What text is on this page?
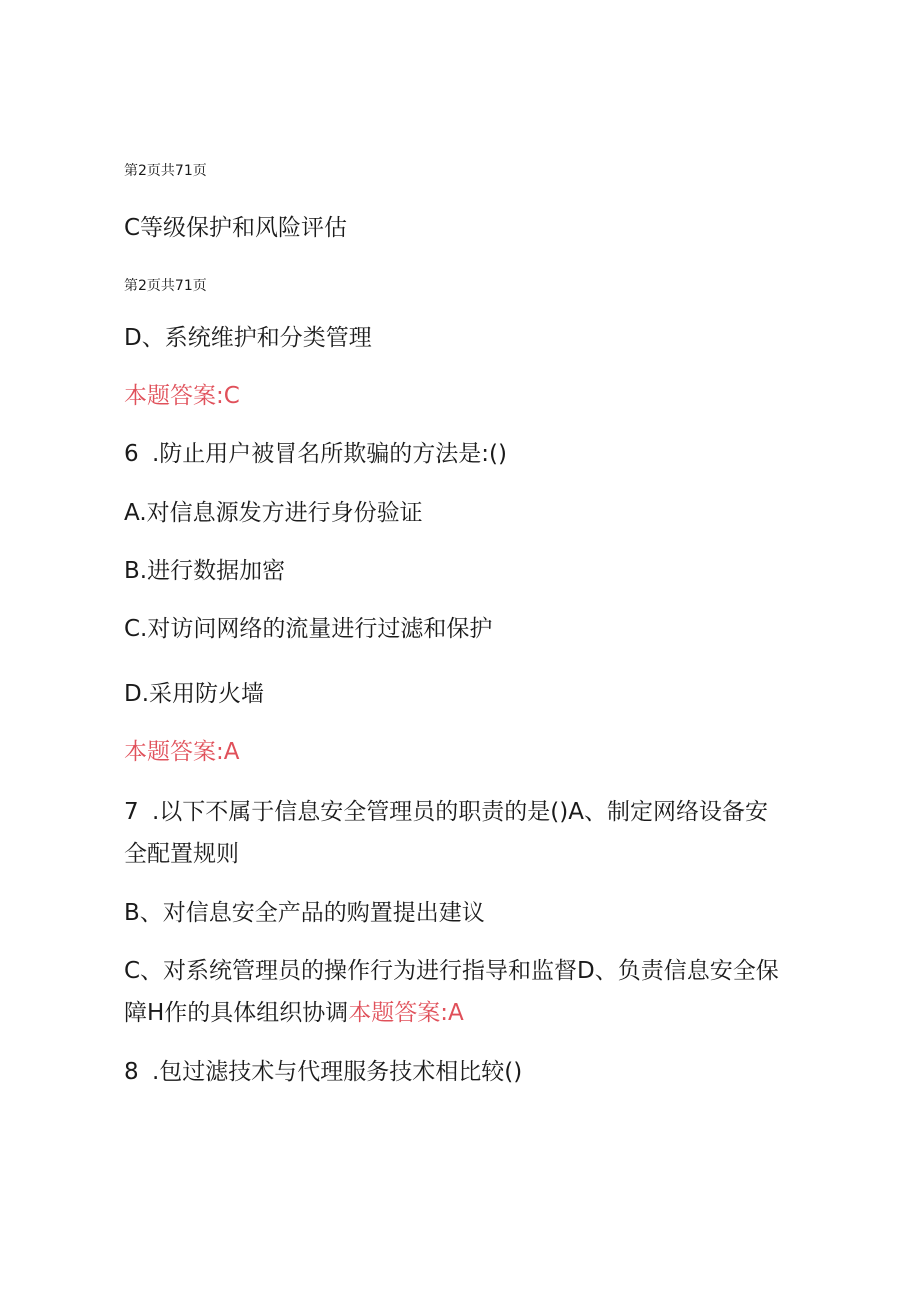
第2页共71页
C等级保护和风险评估
第2页共71页
D、系统维护和分类管理
本题答案:C
6 .防止用户被冒名所欺骗的方法是:()
A.对信息源发方进行身份验证
B.进行数据加密
C.对访问网络的流量进行过滤和保护
D.采用防火墙
本题答案:A
7 .以下不属于信息安全管理员的职责的是()A、制定网络设备安全配置规则
B、对信息安全产品的购置提出建议
C、对系统管理员的操作行为进行指导和监督D、负责信息安全保障H作的具体组织协调本题答案:A
8 .包过滤技术与代理服务技术相比较()
